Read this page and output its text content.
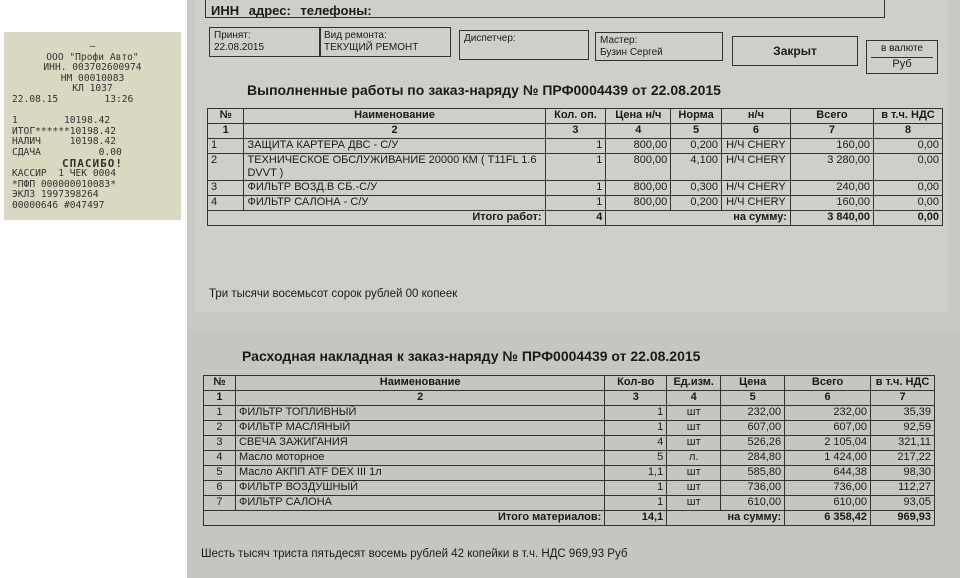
—
ООО "Профи Авто"
ИНН. 003702600974
НМ 00010083
КЛ 1037
22.08.15        13:26
1        10198.42
ИТОГ******10198.42
НАЛИЧ     10198.42
СДАЧА          0.00
СПАСИБО!
КАССИР  1 ЧЕК 0004
*ПФП 000000010083*
ЭКЛЗ 1997398264
00000646 #047497
ИНН адрес: телефоны:
Принят:
22.08.2015
Вид ремонта:
ТЕКУЩИЙ РЕМОНТ
Диспетчер:	Мастер:
Бузин Сергей	Закрыт	в валюте
Руб
Выполненные работы по заказ-наряду № ПРФ0004439 от 22.08.2015
№	Наименование	Кол. оп.	Цена н/ч	Норма	н/ч	Всего	в т.ч. НДС
1	2	3	4	5	6	7	8
1	ЗАЩИТА КАРТЕРА ДВС - С/У	1	800,00	0,200	Н/Ч CHERY	160,00	0,00
2	ТЕХНИЧЕСКОЕ ОБСЛУЖИВАНИЕ 20000 КМ ( T11FL 1.6 DVVT )	1	800,00	4,100	Н/Ч CHERY	3 280,00	0,00
3	ФИЛЬТР ВОЗД.В СБ.-С/У	1	800,00	0,300	Н/Ч CHERY	240,00	0,00
4	ФИЛЬТР САЛОНА - С/У	1	800,00	0,200	Н/Ч CHERY	160,00	0,00
Итого работ:		4	на сумму:			3 840,00	0,00
Три тысячи восемьсот сорок рублей 00 копеек
Расходная накладная к заказ-наряду № ПРФ0004439 от 22.08.2015
№	Наименование	Кол-во	Ед.изм.	Цена	Всего	в т.ч. НДС
1	2	3	4	5	6	7
1	ФИЛЬТР ТОПЛИВНЫЙ	1	шт	232,00	232,00	35,39
2	ФИЛЬТР МАСЛЯНЫЙ	1	шт	607,00	607,00	92,59
3	СВЕЧА ЗАЖИГАНИЯ	4	шт	526,26	2 105,04	321,11
4	Масло моторное	5	л.	284,80	1 424,00	217,22
5	Масло АКПП ATF DEX III 1л	1,1	шт	585,80	644,38	98,30
6	ФИЛЬТР ВОЗДУШНЫЙ	1	шт	736,00	736,00	112,27
7	ФИЛЬТР САЛОНА	1	шт	610,00	610,00	93,05
Итого материалов:		14,1	на сумму:		6 358,42	969,93
Шесть тысяч триста пятьдесят восемь рублей 42 копейки в т.ч. НДС 969,93 Руб
